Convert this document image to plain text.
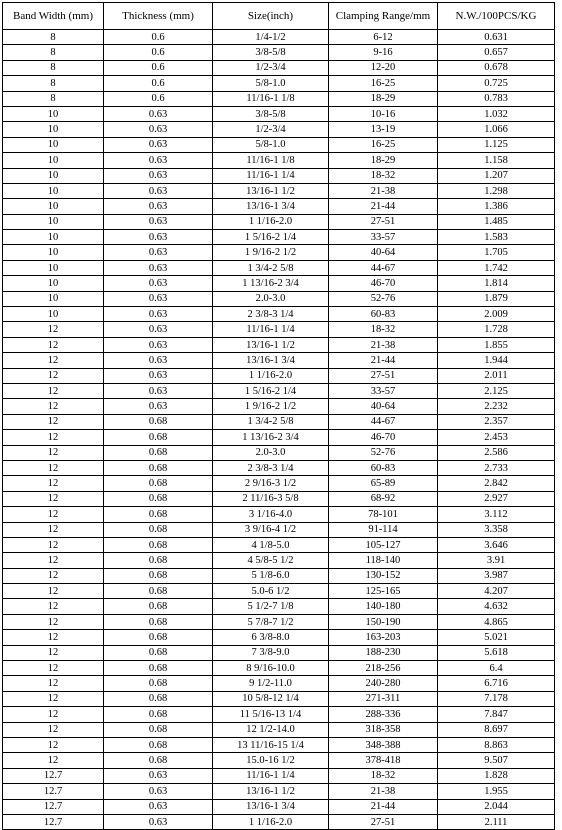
Band Width (mm)	Thickness (mm)	Size(inch)	Clamping Range/mm	N.W./100PCS/KG
8	0.6	1/4-1/2	6-12	0.631
8	0.6	3/8-5/8	9-16	0.657
8	0.6	1/2-3/4	12-20	0.678
8	0.6	5/8-1.0	16-25	0.725
8	0.6	11/16-1 1/8	18-29	0.783
10	0.63	3/8-5/8	10-16	1.032
10	0.63	1/2-3/4	13-19	1.066
10	0.63	5/8-1.0	16-25	1.125
10	0.63	11/16-1 1/8	18-29	1.158
10	0.63	11/16-1 1/4	18-32	1.207
10	0.63	13/16-1 1/2	21-38	1.298
10	0.63	13/16-1 3/4	21-44	1.386
10	0.63	1 1/16-2.0	27-51	1.485
10	0.63	1 5/16-2 1/4	33-57	1.583
10	0.63	1 9/16-2 1/2	40-64	1.705
10	0.63	1 3/4-2 5/8	44-67	1.742
10	0.63	1 13/16-2 3/4	46-70	1.814
10	0.63	2.0-3.0	52-76	1.879
10	0.63	2 3/8-3 1/4	60-83	2.009
12	0.63	11/16-1 1/4	18-32	1.728
12	0.63	13/16-1 1/2	21-38	1.855
12	0.63	13/16-1 3/4	21-44	1.944
12	0.63	1 1/16-2.0	27-51	2.011
12	0.63	1 5/16-2 1/4	33-57	2.125
12	0.63	1 9/16-2 1/2	40-64	2.232
12	0.68	1 3/4-2 5/8	44-67	2.357
12	0.68	1 13/16-2 3/4	46-70	2.453
12	0.68	2.0-3.0	52-76	2.586
12	0.68	2 3/8-3 1/4	60-83	2.733
12	0.68	2 9/16-3 1/2	65-89	2.842
12	0.68	2 11/16-3 5/8	68-92	2.927
12	0.68	3 1/16-4.0	78-101	3.112
12	0.68	3 9/16-4 1/2	91-114	3.358
12	0.68	4 1/8-5.0	105-127	3.646
12	0.68	4 5/8-5 1/2	118-140	3.91
12	0.68	5 1/8-6.0	130-152	3.987
12	0.68	5.0-6 1/2	125-165	4.207
12	0.68	5 1/2-7 1/8	140-180	4.632
12	0.68	5 7/8-7 1/2	150-190	4.865
12	0.68	6 3/8-8.0	163-203	5.021
12	0.68	7 3/8-9.0	188-230	5.618
12	0.68	8 9/16-10.0	218-256	6.4
12	0.68	9 1/2-11.0	240-280	6.716
12	0.68	10 5/8-12 1/4	271-311	7.178
12	0.68	11 5/16-13 1/4	288-336	7.847
12	0.68	12 1/2-14.0	318-358	8.697
12	0.68	13 11/16-15 1/4	348-388	8.863
12	0.68	15.0-16 1/2	378-418	9.507
12.7	0.63	11/16-1 1/4	18-32	1.828
12.7	0.63	13/16-1 1/2	21-38	1.955
12.7	0.63	13/16-1 3/4	21-44	2.044
12.7	0.63	1 1/16-2.0	27-51	2.111
